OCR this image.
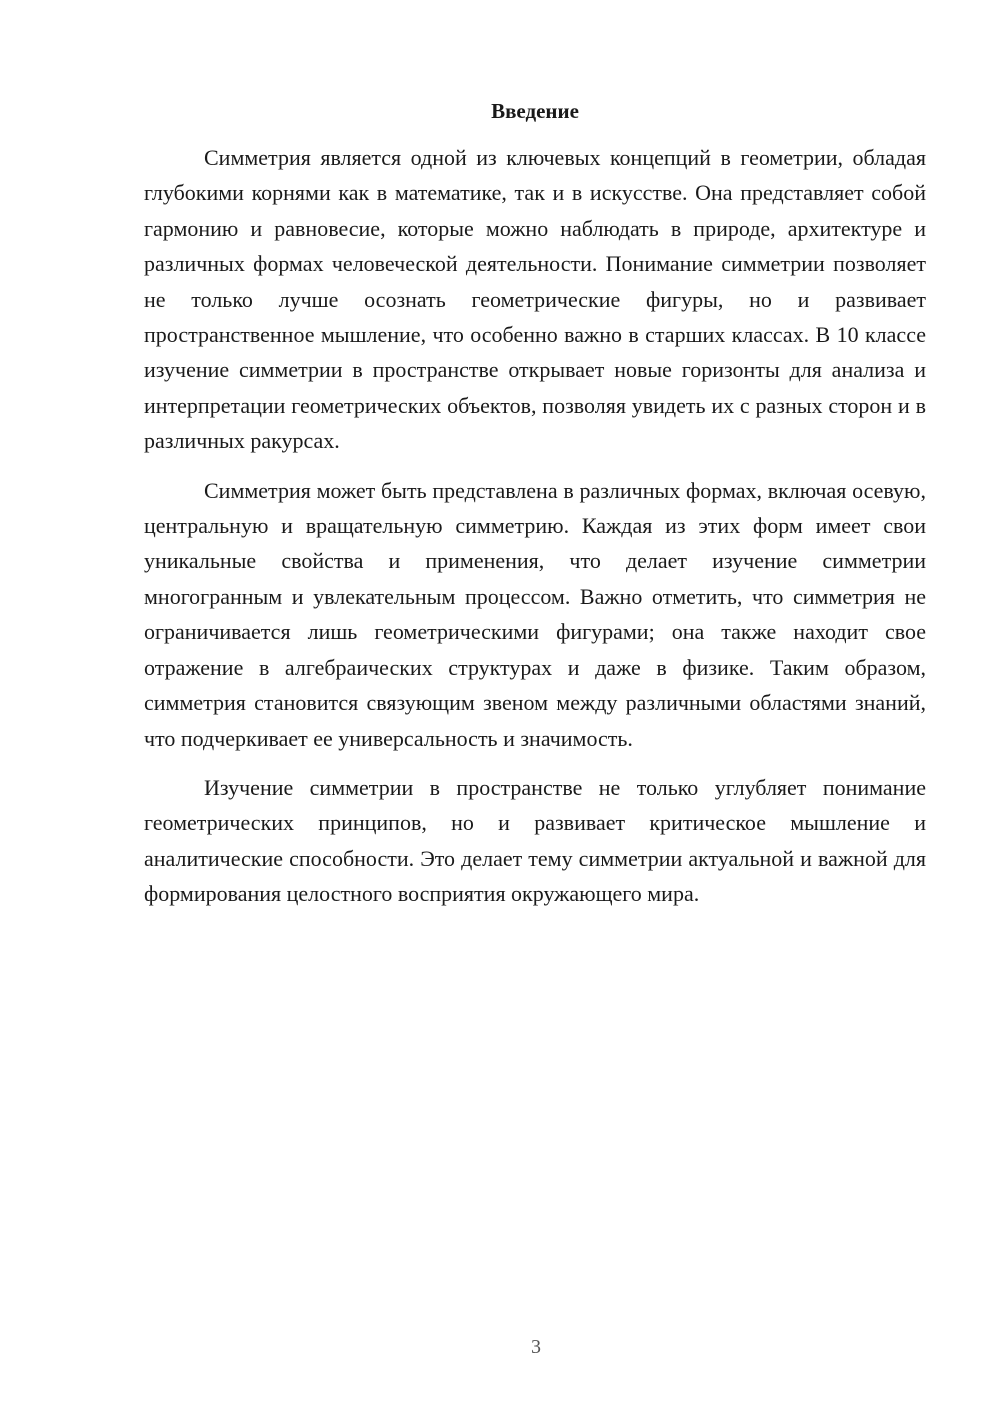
Введение

Симметрия является одной из ключевых концепций в геометрии, обладая глубокими корнями как в математике, так и в искусстве. Она представляет собой гармонию и равновесие, которые можно наблюдать в природе, архитектуре и различных формах человеческой деятельности. Понимание симметрии позволяет не только лучше осознать геометрические фигуры, но и развивает пространственное мышление, что особенно важно в старших классах. В 10 классе изучение симметрии в пространстве открывает новые горизонты для анализа и интерпретации геометрических объектов, позволяя увидеть их с разных сторон и в различных ракурсах.

Симметрия может быть представлена в различных формах, включая осевую, центральную и вращательную симметрию. Каждая из этих форм имеет свои уникальные свойства и применения, что делает изучение симметрии многогранным и увлекательным процессом. Важно отметить, что симметрия не ограничивается лишь геометрическими фигурами; она также находит свое отражение в алгебраических структурах и даже в физике. Таким образом, симметрия становится связующим звеном между различными областями знаний, что подчеркивает ее универсальность и значимость.

Изучение симметрии в пространстве не только углубляет понимание геометрических принципов, но и развивает критическое мышление и аналитические способности. Это делает тему симметрии актуальной и важной для формирования целостного восприятия окружающего мира.

3
